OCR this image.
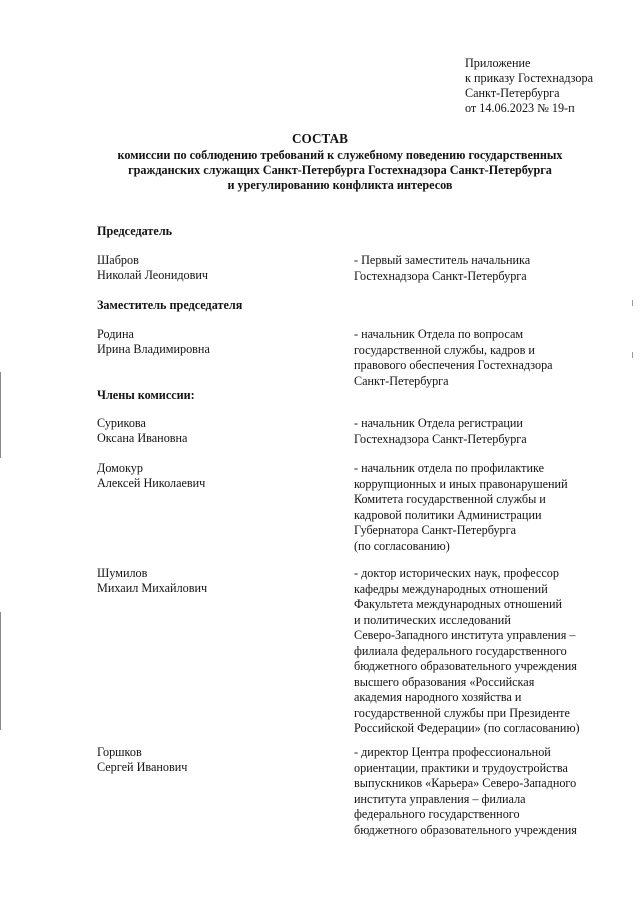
Приложение
к приказу Гостехнадзора
Санкт-Петербурга
от 14.06.2023 № 19-п
СОСТАВ
комиссии по соблюдению требований к служебному поведению государственных
гражданских служащих Санкт-Петербурга Гостехнадзора Санкт-Петербурга
и урегулированию конфликта интересов
Председатель
Шабров
Николай Леонидович
- Первый заместитель начальника
Гостехнадзора Санкт-Петербурга
Заместитель председателя
Родина
Ирина Владимировна
- начальник Отдела по вопросам
государственной службы, кадров и
правового обеспечения Гостехнадзора
Санкт-Петербурга
Члены комиссии:
Сурикова
Оксана Ивановна
- начальник Отдела регистрации
Гостехнадзора Санкт-Петербурга
Домокур
Алексей Николаевич
- начальник отдела по профилактике
коррупционных и иных правонарушений
Комитета государственной службы и
кадровой политики Администрации
Губернатора Санкт-Петербурга
(по согласованию)
Шумилов
Михаил Михайлович
- доктор исторических наук, профессор
кафедры международных отношений
Факультета международных отношений
и политических исследований
Северо-Западного института управления –
филиала федерального государственного
бюджетного образовательного учреждения
высшего образования «Российская
академия народного хозяйства и
государственной службы при Президенте
Российской Федерации» (по согласованию)
Горшков
Сергей Иванович
- директор Центра профессиональной
ориентации, практики и трудоустройства
выпускников «Карьера» Северо-Западного
института управления – филиала
федерального государственного
бюджетного образовательного учреждения
